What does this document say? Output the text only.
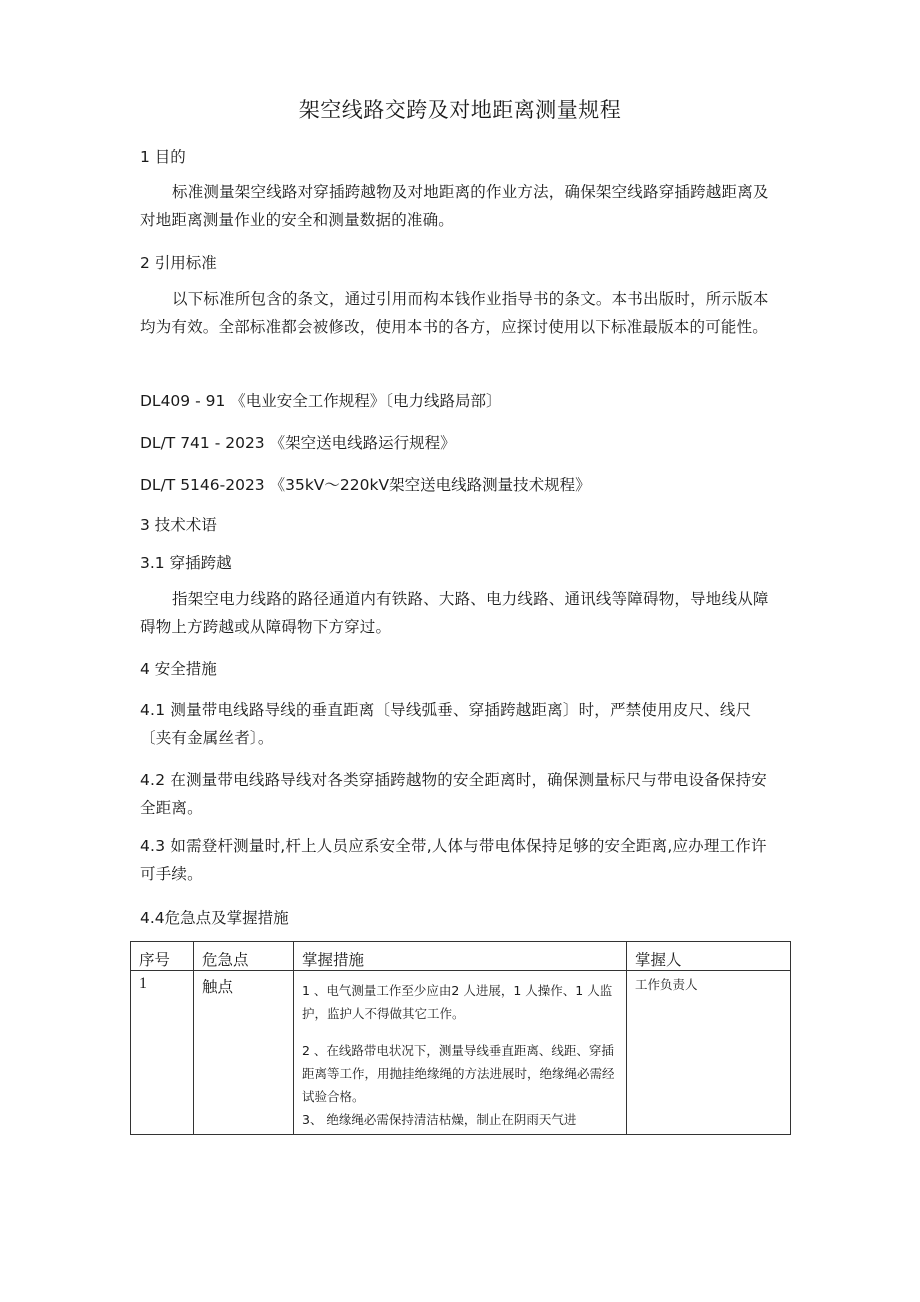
架空线路交跨及对地距离测量规程
1 目的
标准测量架空线路对穿插跨越物及对地距离的作业方法，确保架空线路穿插跨越距离及对地距离测量作业的安全和测量数据的准确。
2 引用标准
以下标准所包含的条文，通过引用而构本钱作业指导书的条文。本书出版时，所示版本均为有效。全部标准都会被修改，使用本书的各方，应探讨使用以下标准最版本的可能性。
DL409 - 91 《电业安全工作规程》〔电力线路局部〕
DL/T 741 - 2023 《架空送电线路运行规程》
DL/T 5146-2023 《35kV～220kV架空送电线路测量技术规程》
3 技术术语
3.1 穿插跨越
指架空电力线路的路径通道内有铁路、大路、电力线路、通讯线等障碍物，导地线从障碍物上方跨越或从障碍物下方穿过。
4 安全措施
4.1 测量带电线路导线的垂直距离〔导线弧垂、穿插跨越距离〕时，严禁使用皮尺、线尺〔夹有金属丝者〕。
4.2 在测量带电线路导线对各类穿插跨越物的安全距离时，确保测量标尺与带电设备保持安全距离。
4.3 如需登杆测量时,杆上人员应系安全带,人体与带电体保持足够的安全距离,应办理工作许可手续。
4.4危急点及掌握措施
序号	危急点	掌握措施	掌握人
1	触点	1 、电气测量工作至少应由2 人进展，1 人操作、1 人监护，监护人不得做其它工作。
2 、在线路带电状况下，测量导线垂直距离、线距、穿插距离等工作，用抛挂绝缘绳的方法进展时，绝缘绳必需经试验合格。
3、 绝缘绳必需保持清洁枯燥，制止在阴雨天气进	工作负责人
